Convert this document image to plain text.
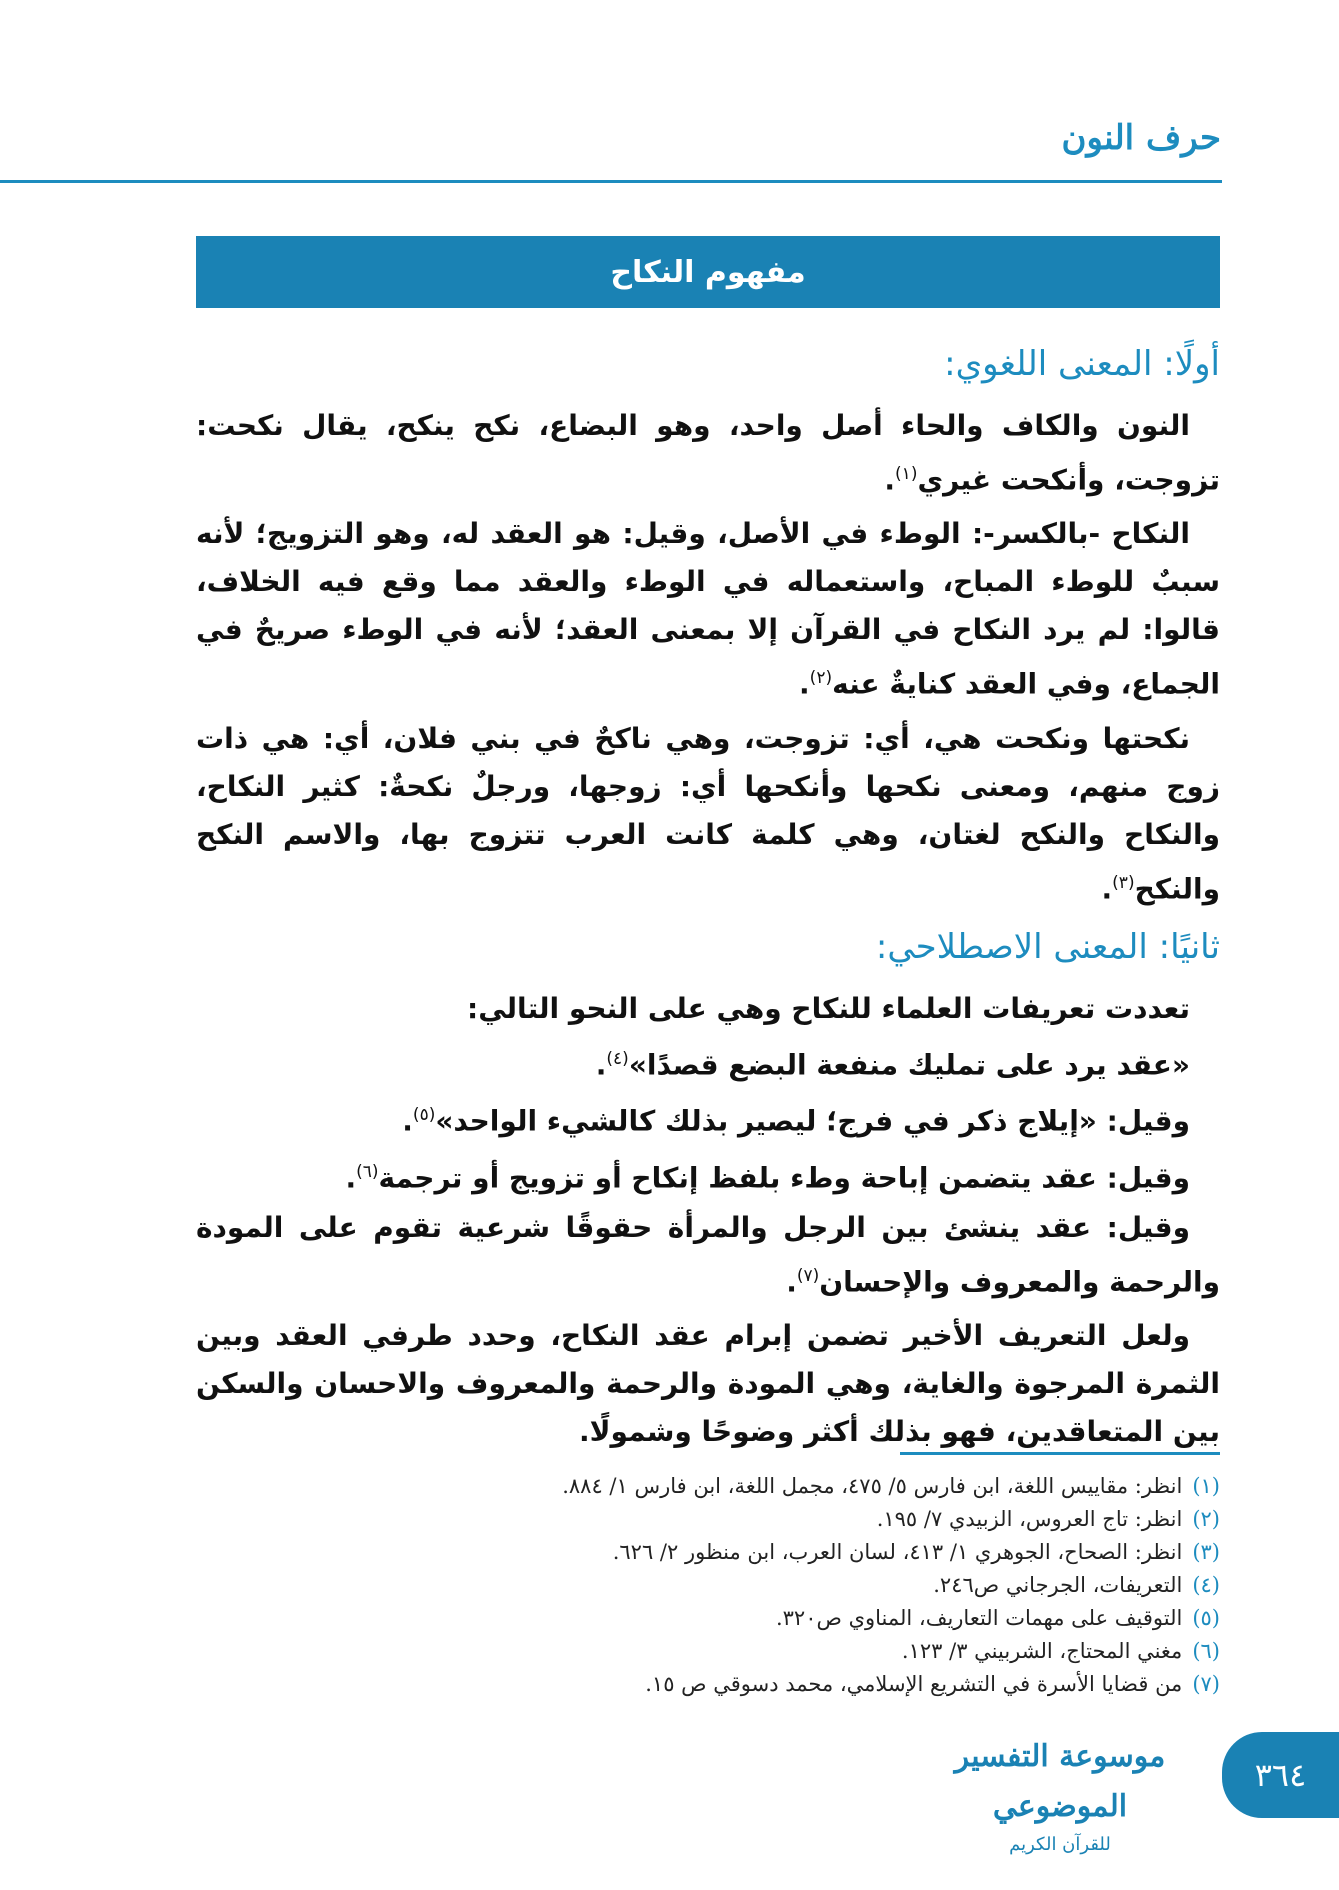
حرف النون
مفهوم النكاح
أولًا: المعنى اللغوي:

النون والكاف والحاء أصل واحد، وهو البضاع، نكح ينكح، يقال نكحت: تزوجت، وأنكحت غيري$^{(١)}$.

النكاح -بالكسر-: الوطء في الأصل، وقيل: هو العقد له، وهو التزويج؛ لأنه سببٌ للوطء المباح، واستعماله في الوطء والعقد مما وقع فيه الخلاف، قالوا: لم يرد النكاح في القرآن إلا بمعنى العقد؛ لأنه في الوطء صريحٌ في الجماع، وفي العقد كنايةٌ عنه$^{(٢)}$.

نكحتها ونكحت هي، أي: تزوجت، وهي ناكحٌ في بني فلان، أي: هي ذات زوج منهم، ومعنى نكحها وأنكحها أي: زوجها، ورجلٌ نكحةٌ: كثير النكاح، والنكاح والنكح لغتان، وهي كلمة كانت العرب تتزوج بها، والاسم النكح والنكح$^{(٣)}$.

ثانيًا: المعنى الاصطلاحي:

تعددت تعريفات العلماء للنكاح وهي على النحو التالي:

«عقد يرد على تمليك منفعة البضع قصدًا»$^{(٤)}$.

وقيل: «إيلاج ذكر في فرج؛ ليصير بذلك كالشيء الواحد»$^{(٥)}$.

وقيل: عقد يتضمن إباحة وطء بلفظ إنكاح أو تزويج أو ترجمة$^{(٦)}$.

وقيل: عقد ينشئ بين الرجل والمرأة حقوقًا شرعية تقوم على المودة والرحمة والمعروف والإحسان$^{(٧)}$.

ولعل التعريف الأخير تضمن إبرام عقد النكاح، وحدد طرفي العقد وبين الثمرة المرجوة والغاية، وهي المودة والرحمة والمعروف والاحسان والسكن بين المتعاقدين، فهو بذلك أكثر وضوحًا وشمولًا.

(١)انظر: مقاييس اللغة، ابن فارس ٥/ ٤٧٥، مجمل اللغة، ابن فارس ١/ ٨٨٤.
(٢)انظر: تاج العروس، الزبيدي ٧/ ١٩٥.
(٣)انظر: الصحاح، الجوهري ١/ ٤١٣، لسان العرب، ابن منظور ٢/ ٦٢٦.
(٤)التعريفات، الجرجاني ص٢٤٦.
(٥)التوقيف على مهمات التعاريف، المناوي ص٣٢٠.
(٦)مغني المحتاج، الشربيني ٣/ ١٢٣.
(٧)من قضايا الأسرة في التشريع الإسلامي، محمد دسوقي ص ١٥.
موسوعة التفسير الموضوعي
للقرآن الكريم
٣٦٤
